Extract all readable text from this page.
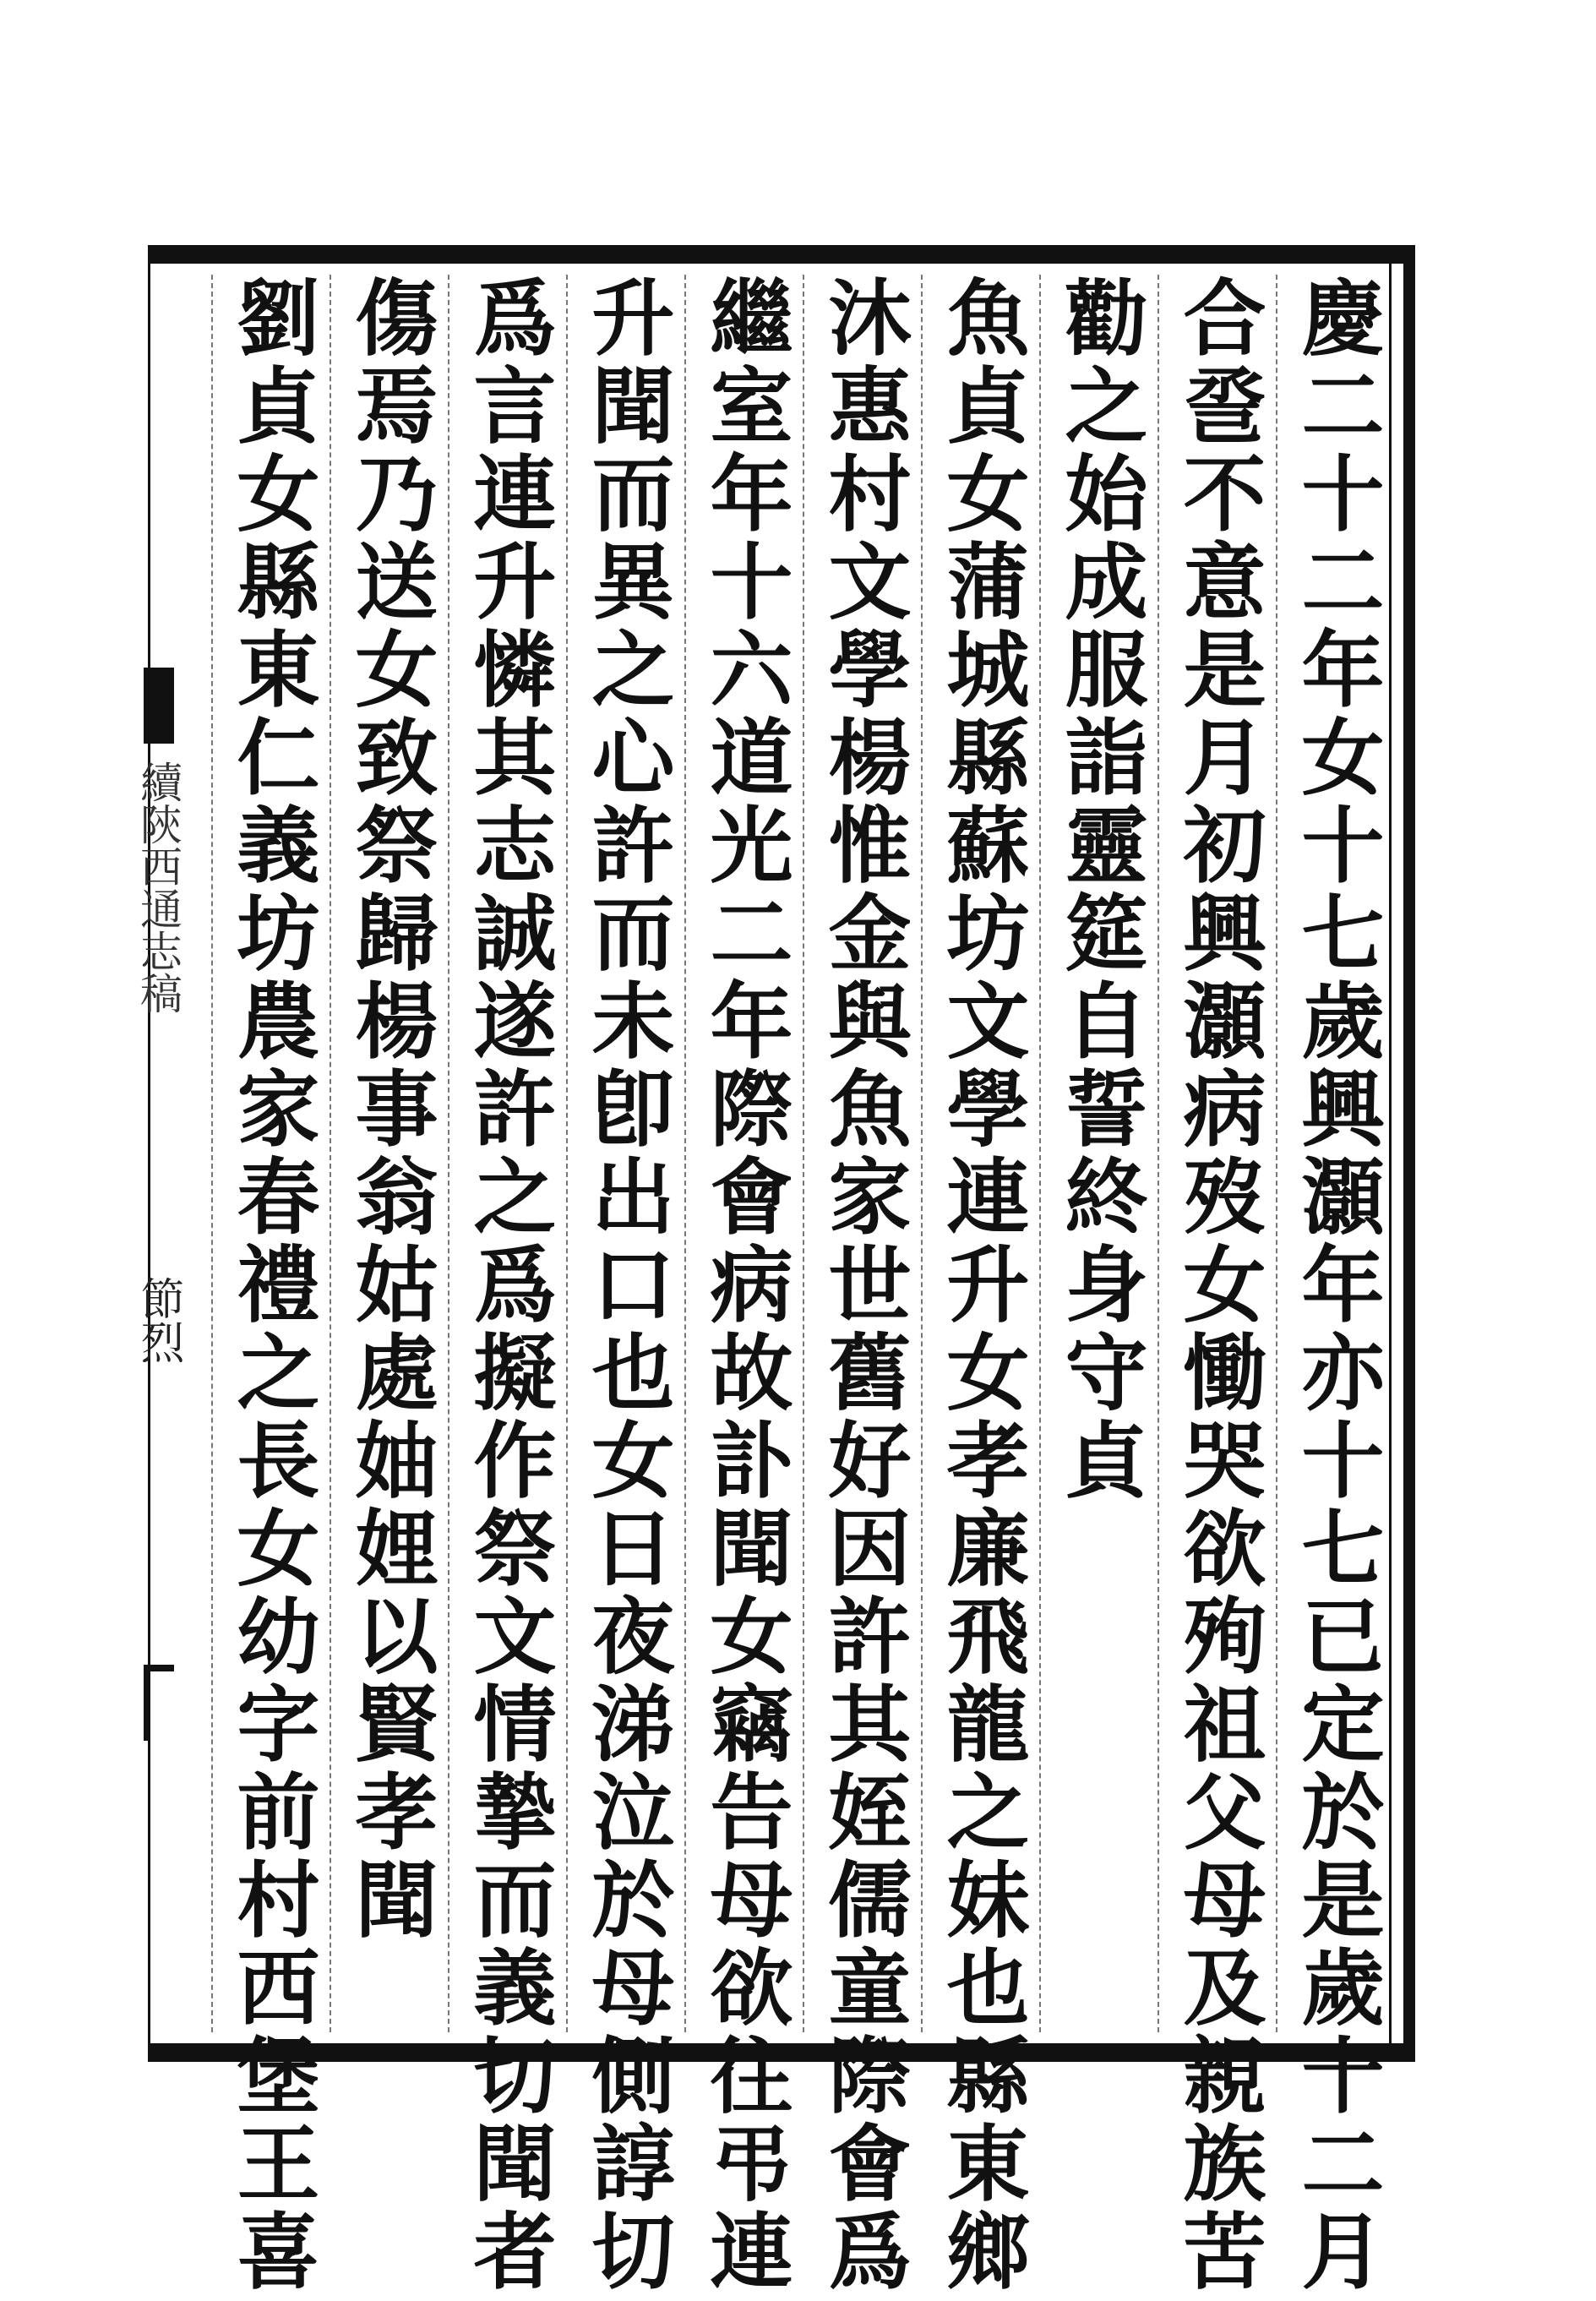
續陝西通志稿
節烈	慶二十二年女十七歲興灝年亦十七已定於是歲十二月
合巹不意是月初興灝病歿女慟哭欲殉祖父母及親族苦
勸之始成服詣靈筵自誓終身守貞
魚貞女蒲城縣蘇坊文學連升女孝廉飛龍之妹也縣東鄉
沐惠村文學楊惟金與魚家世舊好因許其姪儒童際會爲
繼室年十六道光二年際會病故訃聞女竊告母欲往弔連
升聞而異之心許而未卽出口也女日夜涕泣於母側諄切
爲言連升憐其志誠遂許之爲擬作祭文情摯而義切聞者
傷焉乃送女致祭歸楊事翁姑處妯娌以賢孝聞
劉貞女縣東仁義坊農家春禮之長女幼字前村西堡王喜
